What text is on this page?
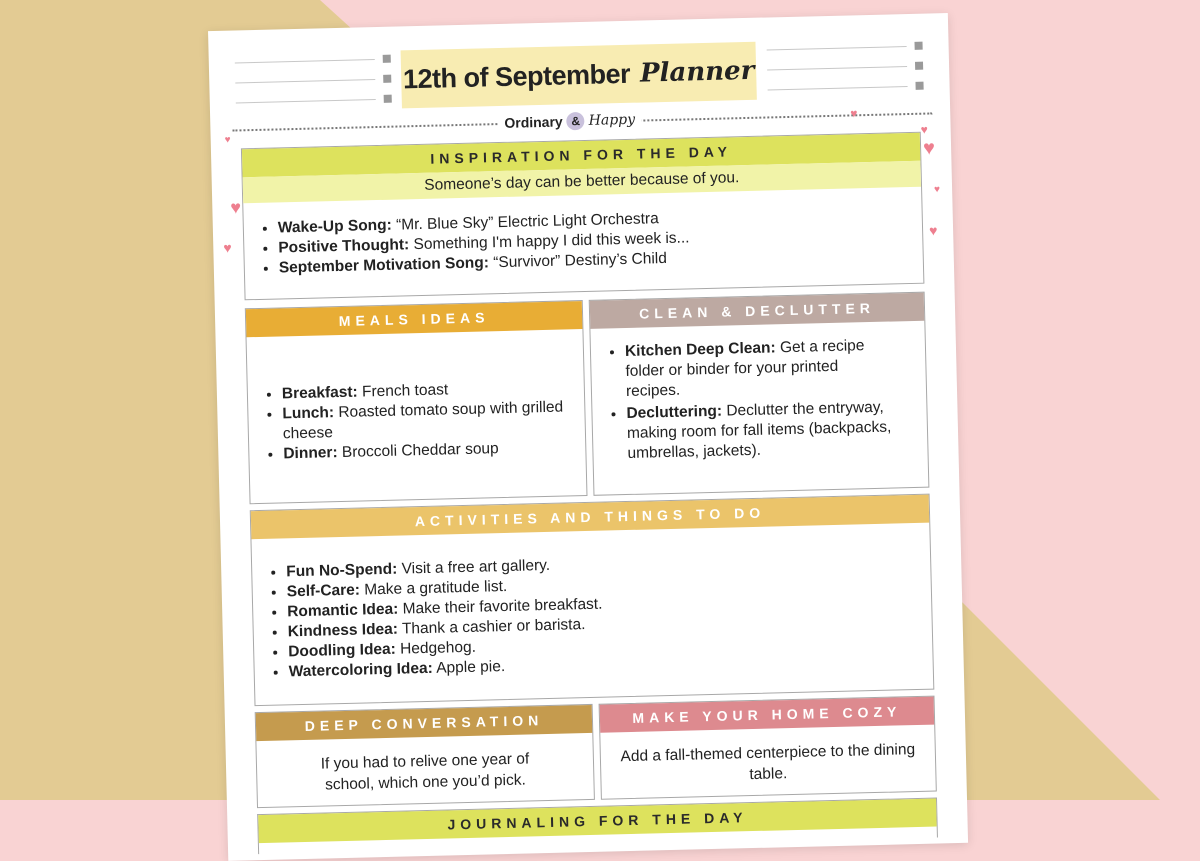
12th of September Planner
Ordinary & Happy
♥
♥
♥
♥
♥
♥
♥
♥
INSPIRATION FOR THE DAY
Someone’s day can be better because of you.
• Wake-Up Song: “Mr. Blue Sky” Electric Light Orchestra
• Positive Thought: Something I'm happy I did this week is...
• September Motivation Song: “Survivor” Destiny’s Child
MEALS IDEAS
• Breakfast: French toast
• Lunch: Roasted tomato soup with grilled cheese
• Dinner: Broccoli Cheddar soup
CLEAN & DECLUTTER
• Kitchen Deep Clean: Get a recipe folder or binder for your printed recipes.
• Decluttering: Declutter the entryway, making room for fall items (backpacks, umbrellas, jackets).
ACTIVITIES AND THINGS TO DO
• Fun No-Spend: Visit a free art gallery.
• Self-Care: Make a gratitude list.
• Romantic Idea: Make their favorite breakfast.
• Kindness Idea: Thank a cashier or barista.
• Doodling Idea: Hedgehog.
• Watercoloring Idea: Apple pie.
DEEP CONVERSATION
If you had to relive one year of school, which one you’d pick.
MAKE YOUR HOME COZY
Add a fall-themed centerpiece to the dining table.
JOURNALING FOR THE DAY
